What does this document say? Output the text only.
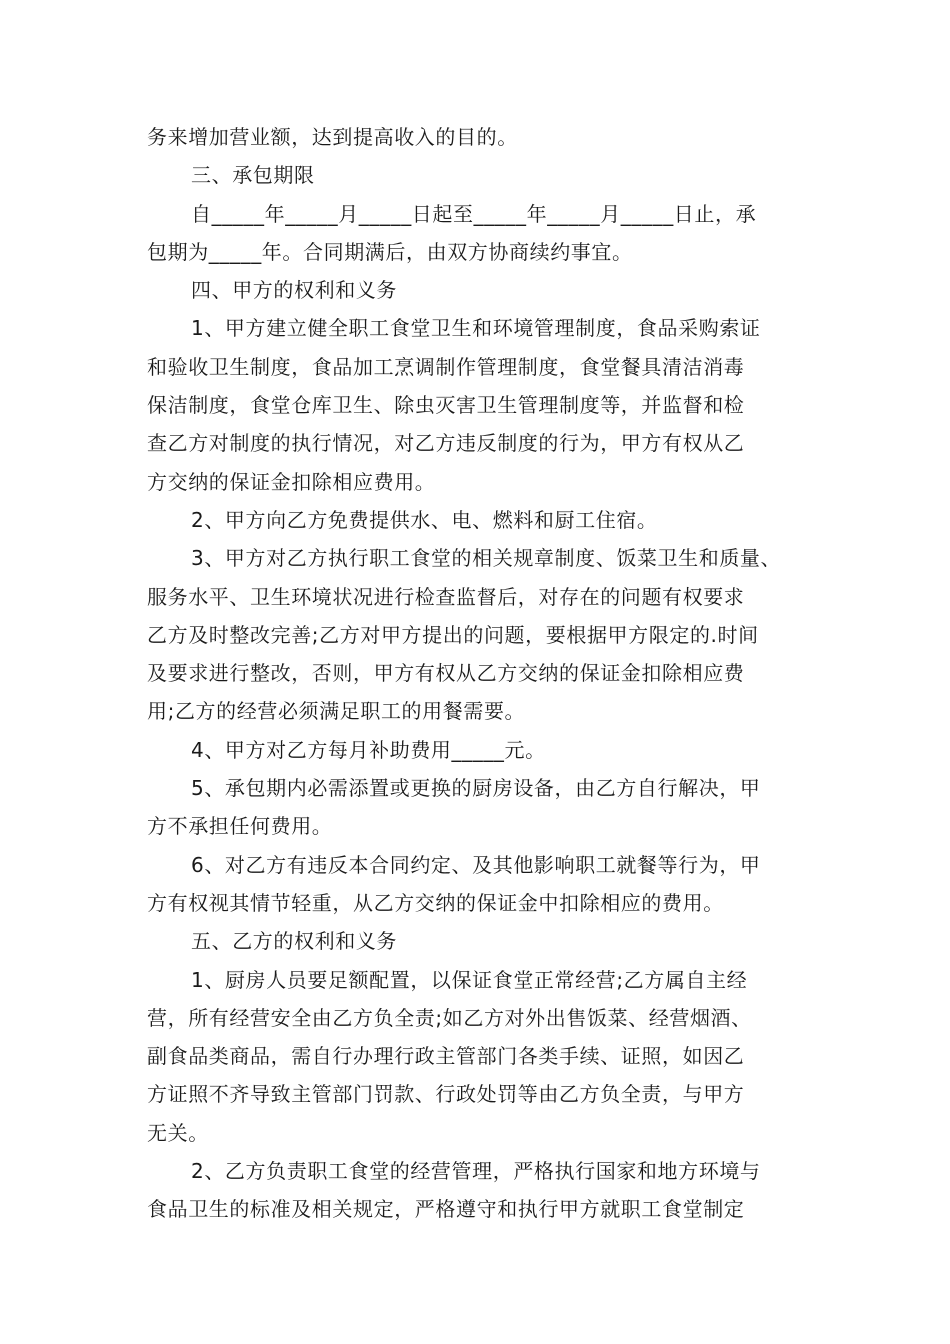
务来增加营业额，达到提高收入的目的。
三、承包期限
自_____年_____月_____日起至_____年_____月_____日止，承
包期为_____年。合同期满后，由双方协商续约事宜。
四、甲方的权利和义务
1、甲方建立健全职工食堂卫生和环境管理制度，食品采购索证
和验收卫生制度，食品加工烹调制作管理制度，食堂餐具清洁消毒
保洁制度，食堂仓库卫生、除虫灭害卫生管理制度等，并监督和检
查乙方对制度的执行情况，对乙方违反制度的行为，甲方有权从乙
方交纳的保证金扣除相应费用。
2、甲方向乙方免费提供水、电、燃料和厨工住宿。
3、甲方对乙方执行职工食堂的相关规章制度、饭菜卫生和质量、
服务水平、卫生环境状况进行检查监督后，对存在的问题有权要求
乙方及时整改完善;乙方对甲方提出的问题，要根据甲方限定的.时间
及要求进行整改，否则，甲方有权从乙方交纳的保证金扣除相应费
用;乙方的经营必须满足职工的用餐需要。
4、甲方对乙方每月补助费用_____元。
5、承包期内必需添置或更换的厨房设备，由乙方自行解决，甲
方不承担任何费用。
6、对乙方有违反本合同约定、及其他影响职工就餐等行为，甲
方有权视其情节轻重，从乙方交纳的保证金中扣除相应的费用。
五、乙方的权利和义务
1、厨房人员要足额配置，以保证食堂正常经营;乙方属自主经
营，所有经营安全由乙方负全责;如乙方对外出售饭菜、经营烟酒、
副食品类商品，需自行办理行政主管部门各类手续、证照，如因乙
方证照不齐导致主管部门罚款、行政处罚等由乙方负全责，与甲方
无关。
2、乙方负责职工食堂的经营管理，严格执行国家和地方环境与
食品卫生的标准及相关规定，严格遵守和执行甲方就职工食堂制定
